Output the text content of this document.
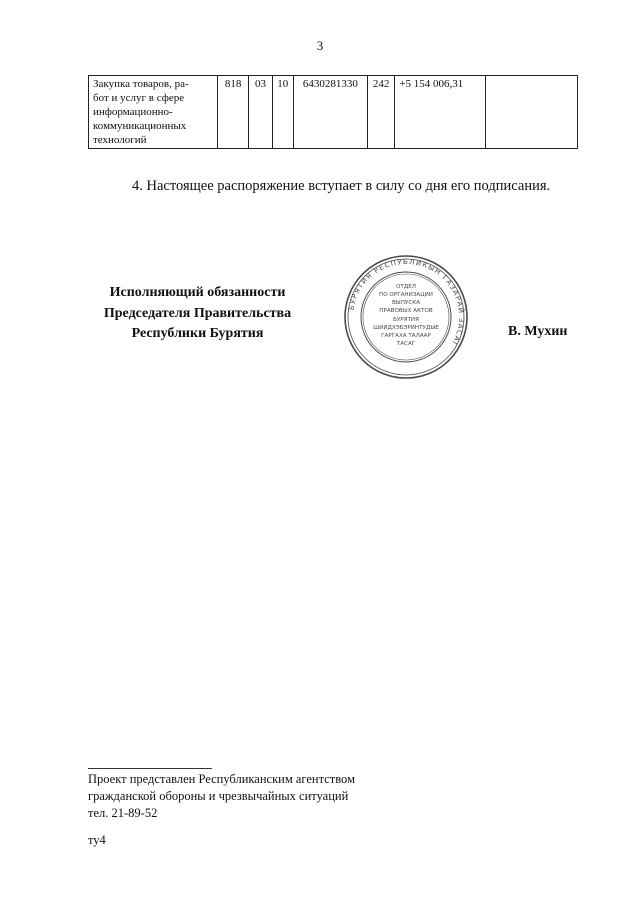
3
Закупка товаров, ра-
бот и услуг в сфере
информационно-
коммуникационных
технологий
	818	03	10	6430281330	242	+5 154 006,31	
4. Настоящее распоряжение вступает в силу со дня его подписания.
Исполняющий обязанности
Председателя Правительства
Республики Бурятия
БУРЯТИЯ РЕСПУБЛИКЫН ГАЗАРАЙ ЗАСАГ
ОТДЕЛ
ПО ОРГАНИЗАЦИИ
ВЫПУСКА
ПРАВОВЫХ АКТОВ
БУРЯТИЯ
ШИИДХЭБЭРИНТУДЫЕ
ГАРГАХА ТАЛААР
ТАСАГ
В. Мухин
Проект представлен Республиканским агентством
гражданской обороны и чрезвычайных ситуаций
тел. 21-89-52
ту4
